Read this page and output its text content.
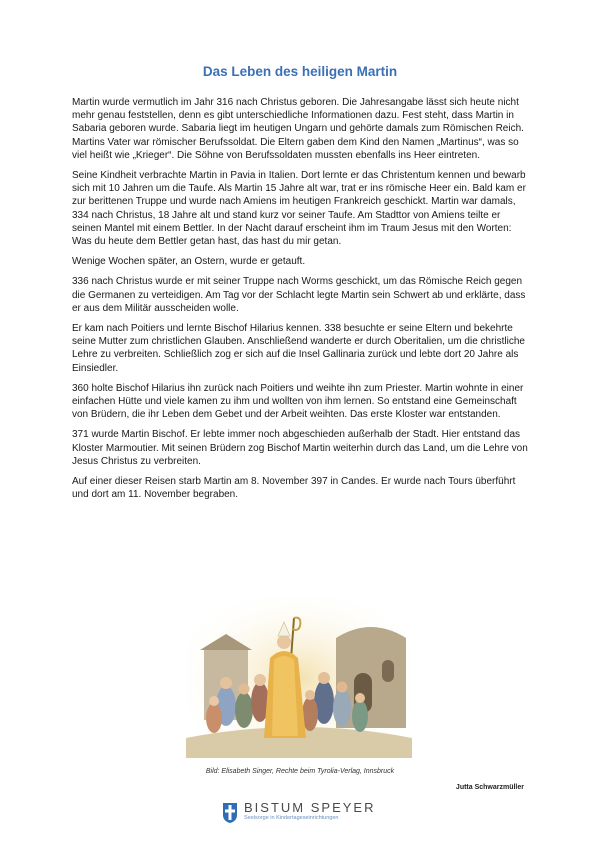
Das Leben des heiligen Martin

Martin wurde vermutlich im Jahr 316 nach Christus geboren. Die Jahresangabe lässt sich heute nicht mehr genau feststellen, denn es gibt unterschiedliche Informationen dazu. Fest steht, dass Martin in Sabaria geboren wurde. Sabaria liegt im heutigen Ungarn und gehörte damals zum Römischen Reich. Martins Vater war römischer Berufssoldat. Die Eltern gaben dem Kind den Namen „Martinus“, was so viel heißt wie „Krieger“. Die Söhne von Berufssoldaten mussten ebenfalls ins Heer eintreten.

Seine Kindheit verbrachte Martin in Pavia in Italien. Dort lernte er das Christentum kennen und bewarb sich mit 10 Jahren um die Taufe. Als Martin 15 Jahre alt war, trat er ins römische Heer ein. Bald kam er zur berittenen Truppe und wurde nach Amiens im heutigen Frankreich geschickt. Martin war damals, 334 nach Christus, 18 Jahre alt und stand kurz vor seiner Taufe. Am Stadttor von Amiens teilte er seinen Mantel mit einem Bettler. In der Nacht darauf erscheint ihm im Traum Jesus mit den Worten: Was du heute dem Bettler getan hast, das hast du mir getan.

Wenige Wochen später, an Ostern, wurde er getauft.

336 nach Christus wurde er mit seiner Truppe nach Worms geschickt, um das Römische Reich gegen die Germanen zu verteidigen. Am Tag vor der Schlacht legte Martin sein Schwert ab und erklärte, dass er aus dem Militär ausscheiden wolle.

Er kam nach Poitiers und lernte Bischof Hilarius kennen. 338 besuchte er seine Eltern und bekehrte seine Mutter zum christlichen Glauben. Anschließend wanderte er durch Oberitalien, um die christliche Lehre zu verbreiten. Schließlich zog er sich auf die Insel Gallinaria zurück und lebte dort 20 Jahre als Einsiedler.

360 holte Bischof Hilarius ihn zurück nach Poitiers und weihte ihn zum Priester. Martin wohnte in einer einfachen Hütte und viele kamen zu ihm und wollten von ihm lernen. So entstand eine Gemeinschaft von Brüdern, die ihr Leben dem Gebet und der Arbeit weihten. Das erste Kloster war entstanden.

371 wurde Martin Bischof. Er lebte immer noch abgeschieden außerhalb der Stadt. Hier entstand das Kloster Marmoutier. Mit seinen Brüdern zog Bischof Martin weiterhin durch das Land, um die Lehre von Jesus Christus zu verbreiten.

Auf einer dieser Reisen starb Martin am 8. November 397 in Candes. Er wurde nach Tours überführt und dort am 11. November begraben.

Bild: Elisabeth Singer, Rechte beim Tyrolia-Verlag, Innsbruck
Jutta Schwarzmüller
BISTUM SPEYER
Seelsorge in Kindertageseinrichtungen
